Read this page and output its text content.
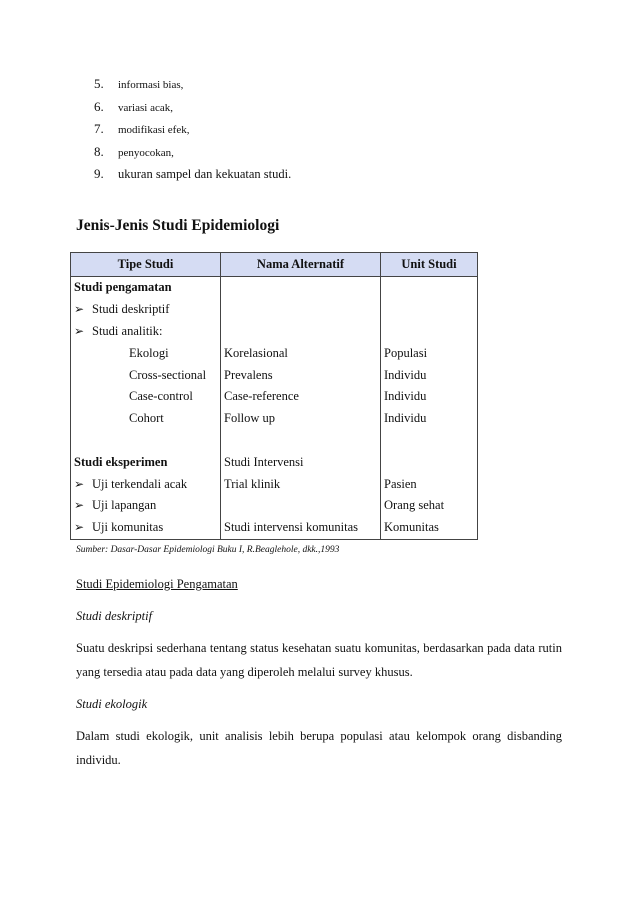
5.	informasi bias,
6.	variasi acak,
7.	modifikasi efek,
8.	penyocokan,
9.	ukuran sampel dan kekuatan studi.
Jenis-Jenis Studi Epidemiologi
Tipe Studi	Nama Alternatif	Unit Studi
Studi pengamatan		
➢ Studi deskriptif		
➢ Studi analitik:		
Ekologi	Korelasional	Populasi
Cross-sectional	Prevalens	Individu
Case-control	Case-reference	Individu
Cohort	Follow up	Individu

Studi eksperimen	Studi Intervensi	
➢ Uji terkendali acak	Trial klinik	Pasien
➢ Uji lapangan		Orang sehat
➢ Uji komunitas	Studi intervensi komunitas	Komunitas
Sumber: Dasar-Dasar Epidemiologi Buku I, R.Beaglehole, dkk.,1993
Studi Epidemiologi Pengamatan
Studi deskriptif

Suatu deskripsi sederhana tentang status kesehatan suatu komunitas, berdasarkan pada data rutin yang tersedia atau pada data yang diperoleh melalui survey khusus.

Studi ekologik

Dalam studi ekologik, unit analisis lebih berupa populasi atau kelompok orang disbanding individu.
